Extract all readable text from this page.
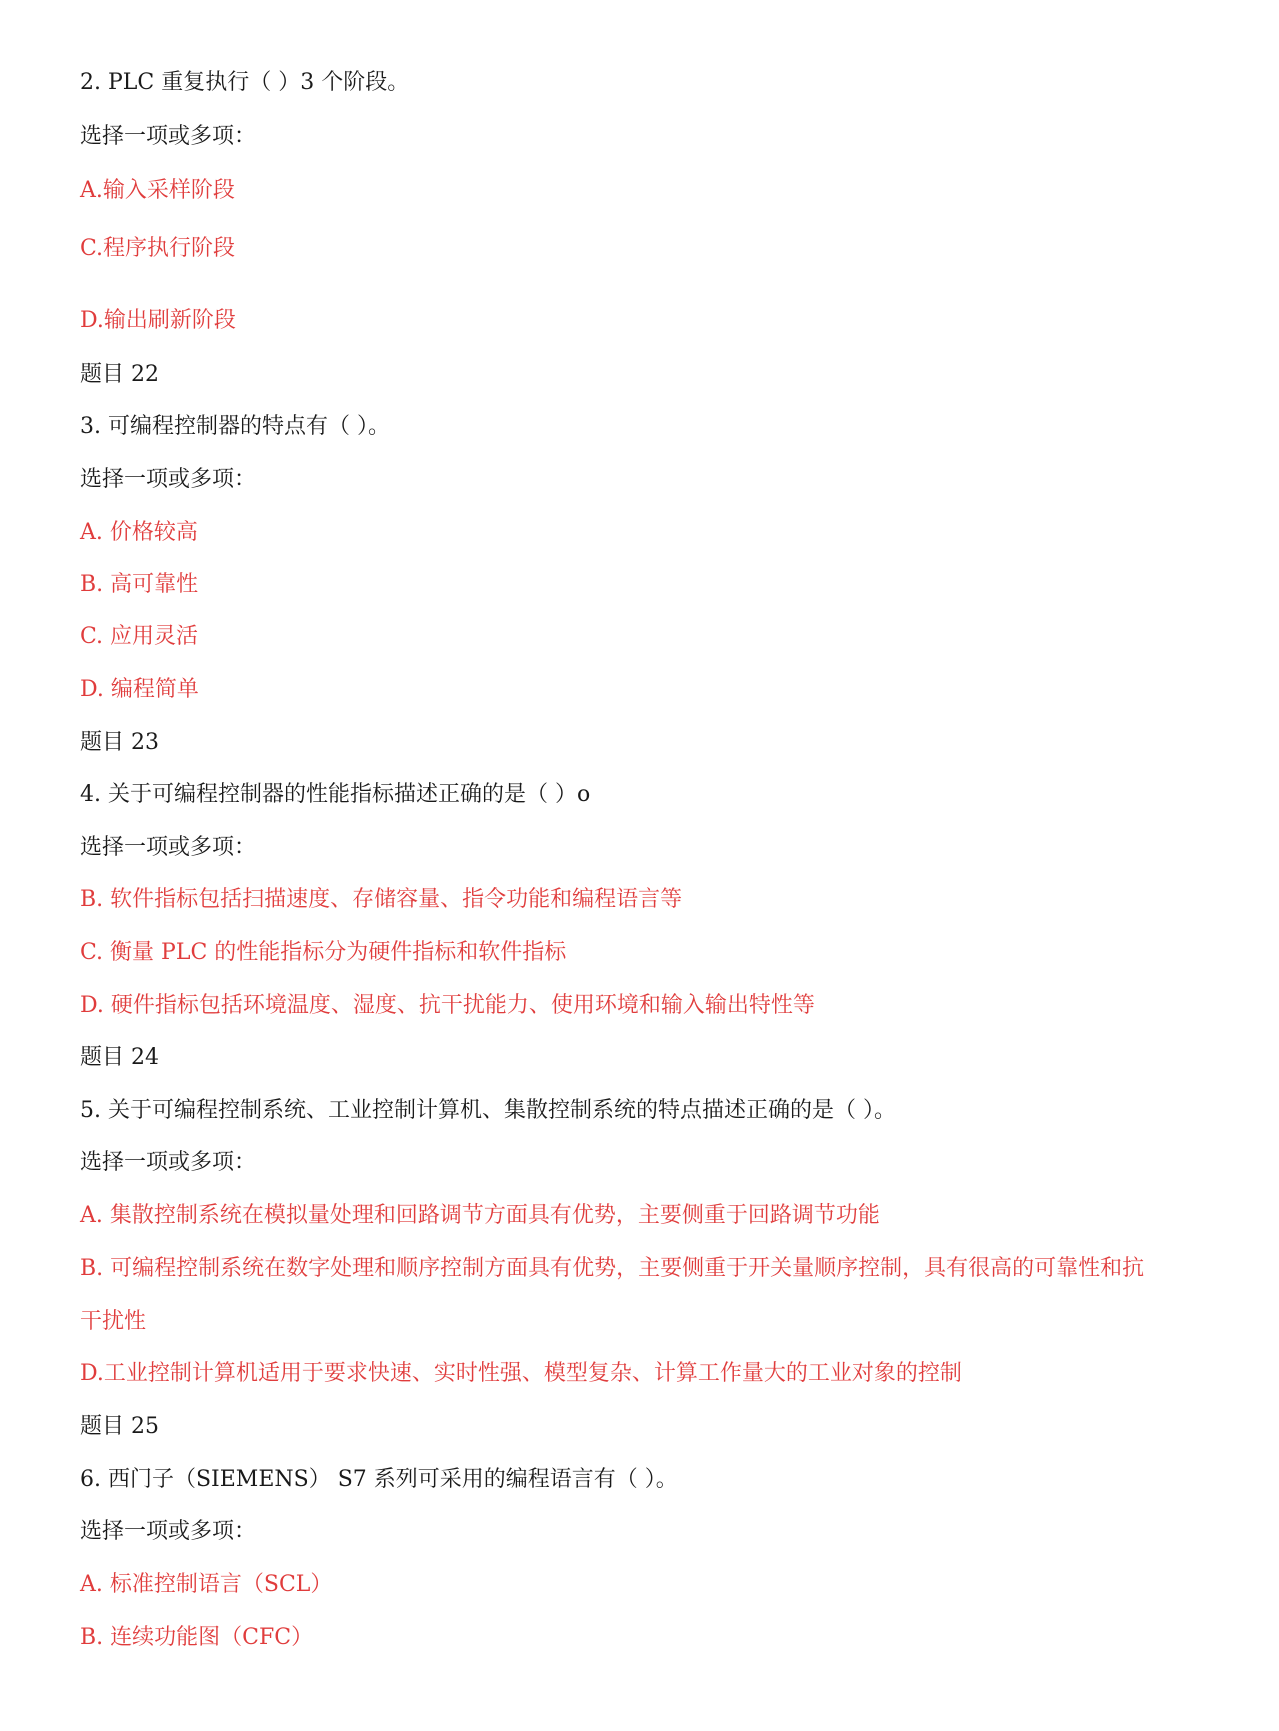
2. PLC 重复执行（ ）3 个阶段。
选择一项或多项：
A.输入采样阶段
C.程序执行阶段
D.输出刷新阶段
题目 22
3. 可编程控制器的特点有（ ）。
选择一项或多项：
A. 价格较高
B. 高可靠性
C. 应用灵活
D. 编程简单
题目 23
4. 关于可编程控制器的性能指标描述正确的是（ ）o
选择一项或多项：
B. 软件指标包括扫描速度、存储容量、指令功能和编程语言等
C. 衡量 PLC 的性能指标分为硬件指标和软件指标
D. 硬件指标包括环境温度、湿度、抗干扰能力、使用环境和输入输出特性等
题目 24
5. 关于可编程控制系统、工业控制计算机、集散控制系统的特点描述正确的是（ ）。
选择一项或多项：
A. 集散控制系统在模拟量处理和回路调节方面具有优势，主要侧重于回路调节功能
B. 可编程控制系统在数字处理和顺序控制方面具有优势，主要侧重于开关量顺序控制，具有很高的可靠性和抗
干扰性
D.工业控制计算机适用于要求快速、实时性强、模型复杂、计算工作量大的工业对象的控制
题目 25
6. 西门子（SIEMENS） S7 系列可采用的编程语言有（ ）。
选择一项或多项：
A. 标准控制语言（SCL）
B. 连续功能图（CFC）
